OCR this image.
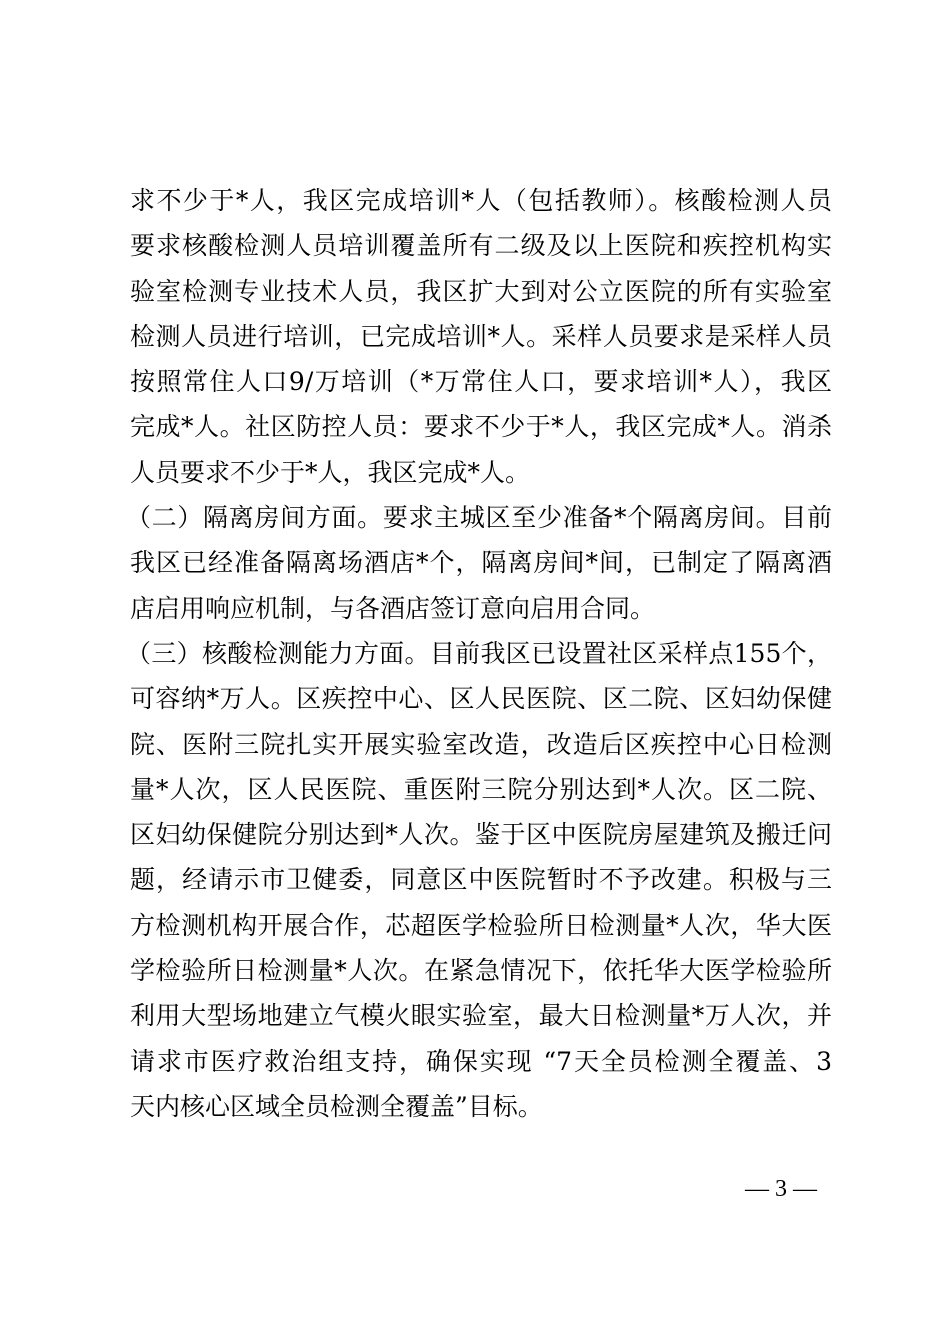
求不少于*人，我区完成培训*人（包括教师）。核酸检测人员
要求核酸检测人员培训覆盖所有二级及以上医院和疾控机构实
验室检测专业技术人员，我区扩大到对公立医院的所有实验室
检测人员进行培训，已完成培训*人。采样人员要求是采样人员
按照常住人口9/万培训（*万常住人口，要求培训*人），我区
完成*人。社区防控人员：要求不少于*人，我区完成*人。消杀
人员要求不少于*人，我区完成*人。
（二）隔离房间方面。要求主城区至少准备*个隔离房间。目前
我区已经准备隔离场酒店*个，隔离房间*间，已制定了隔离酒
店启用响应机制，与各酒店签订意向启用合同。
（三）核酸检测能力方面。目前我区已设置社区采样点155个，
可容纳*万人。区疾控中心、区人民医院、区二院、区妇幼保健
院、医附三院扎实开展实验室改造，改造后区疾控中心日检测
量*人次，区人民医院、重医附三院分别达到*人次。区二院、
区妇幼保健院分别达到*人次。鉴于区中医院房屋建筑及搬迁问
题，经请示市卫健委，同意区中医院暂时不予改建。积极与三
方检测机构开展合作，芯超医学检验所日检测量*人次，华大医
学检验所日检测量*人次。在紧急情况下，依托华大医学检验所
利用大型场地建立气模火眼实验室，最大日检测量*万人次，并
请求市医疗救治组支持，确保实现 “7天全员检测全覆盖、3
天内核心区域全员检测全覆盖”目标。
— 3 —
